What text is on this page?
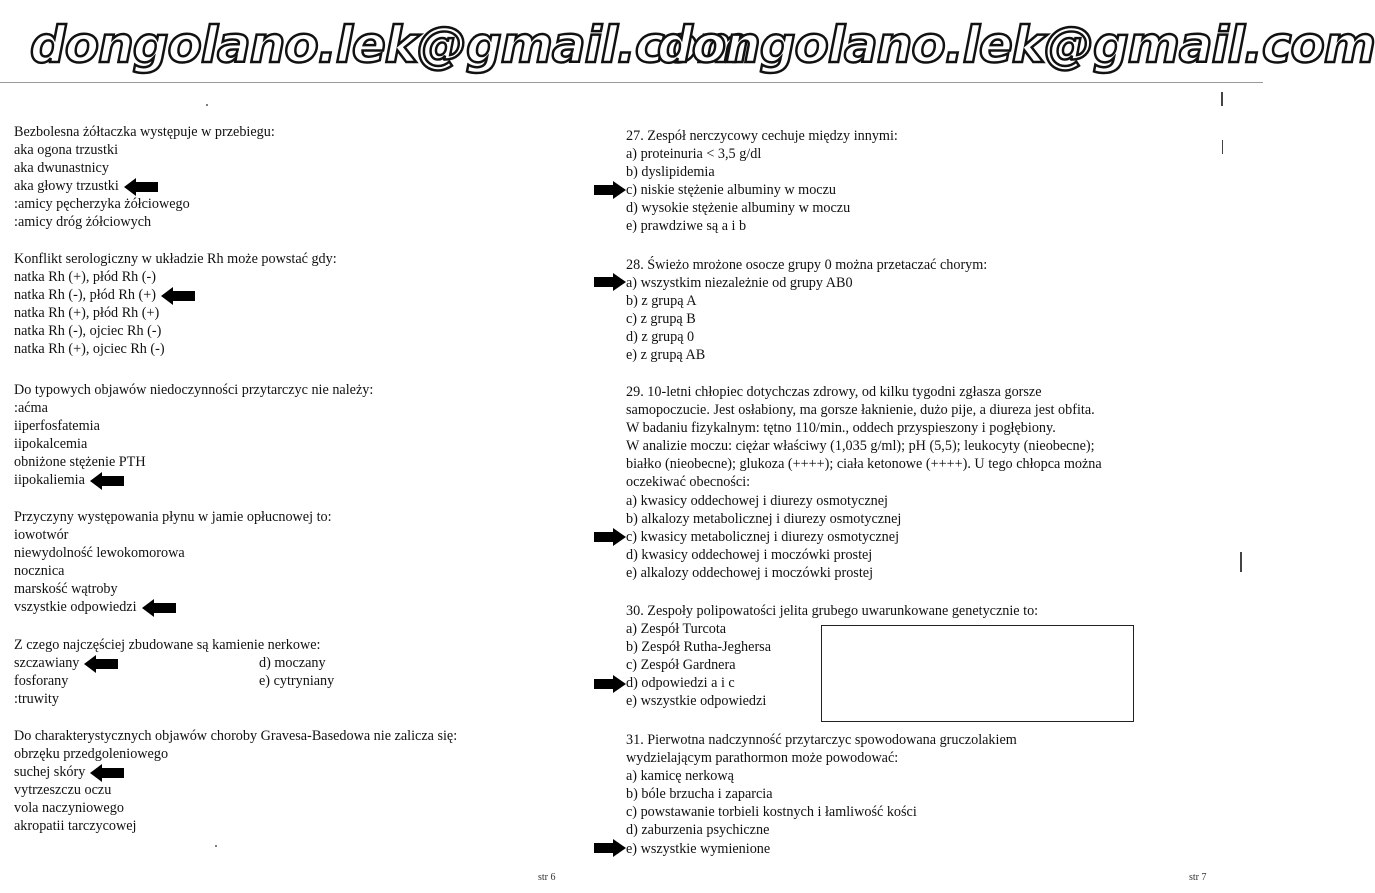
dongolano.lek@gmail.com
dongolano.lek@gmail.com
Bezbolesna żółtaczka występuje w przebiegu:
aka ogona trzustki
aka dwunastnicy
aka głowy trzustki
:amicy pęcherzyka żółciowego
:amicy dróg żółciowych
Konflikt serologiczny w układzie Rh może powstać gdy:
natka Rh (+), płód Rh (-)
natka Rh (-), płód Rh (+)
natka Rh (+), płód Rh (+)
natka Rh (-), ojciec Rh (-)
natka Rh (+), ojciec Rh (-)
Do typowych objawów niedoczynności przytarczyc nie należy:
:aćma
iiperfosfatemia
iipokalcemia
obniżone stężenie PTH
iipokaliemia
Przyczyny występowania płynu w jamie opłucnowej to:
iowotwór
niewydolność lewokomorowa
nocznica
marskość wątroby
vszystkie odpowiedzi
Z czego najczęściej zbudowane są kamienie nerkowe:
szczawiany
fosforany
:truwity
d) moczany
e) cytryniany
Do charakterystycznych objawów choroby Gravesa-Basedowa nie zalicza się:
obrzęku przedgoleniowego
suchej skóry
vytrzeszczu oczu
vola naczyniowego
akropatii tarczycowej
27. Zespół nerczycowy cechuje między innymi:
a) proteinuria < 3,5 g/dl
b) dyslipidemia
c) niskie stężenie albuminy w moczu
d) wysokie stężenie albuminy w moczu
e) prawdziwe są a i b
28. Świeżo mrożone osocze grupy 0 można przetaczać chorym:
a) wszystkim niezależnie od grupy AB0
b) z grupą A
c) z grupą B
d) z grupą 0
e) z grupą AB
29. 10-letni chłopiec dotychczas zdrowy, od kilku tygodni zgłasza gorsze
samopoczucie. Jest osłabiony, ma gorsze łaknienie, dużo pije, a diureza jest obfita.
W badaniu fizykalnym: tętno 110/min., oddech przyspieszony i pogłębiony.
W analizie moczu: ciężar właściwy (1,035 g/ml); pH (5,5); leukocyty (nieobecne);
białko (nieobecne); glukoza (++++); ciała ketonowe (++++). U tego chłopca można
oczekiwać obecności:
a) kwasicy oddechowej i diurezy osmotycznej
b) alkalozy metabolicznej i diurezy osmotycznej
c) kwasicy metabolicznej i diurezy osmotycznej
d) kwasicy oddechowej i moczówki prostej
e) alkalozy oddechowej i moczówki prostej
30. Zespoły polipowatości jelita grubego uwarunkowane genetycznie to:
a) Zespół Turcota
b) Zespół Rutha-Jeghersa
c) Zespół Gardnera
d) odpowiedzi a i c
e) wszystkie odpowiedzi
31. Pierwotna nadczynność przytarczyc spowodowana gruczolakiem
wydzielającym parathormon może powodować:
a) kamicę nerkową
b) bóle brzucha i zaparcia
c) powstawanie torbieli kostnych i łamliwość kości
d) zaburzenia psychiczne
e) wszystkie wymienione
str 6	str 7
